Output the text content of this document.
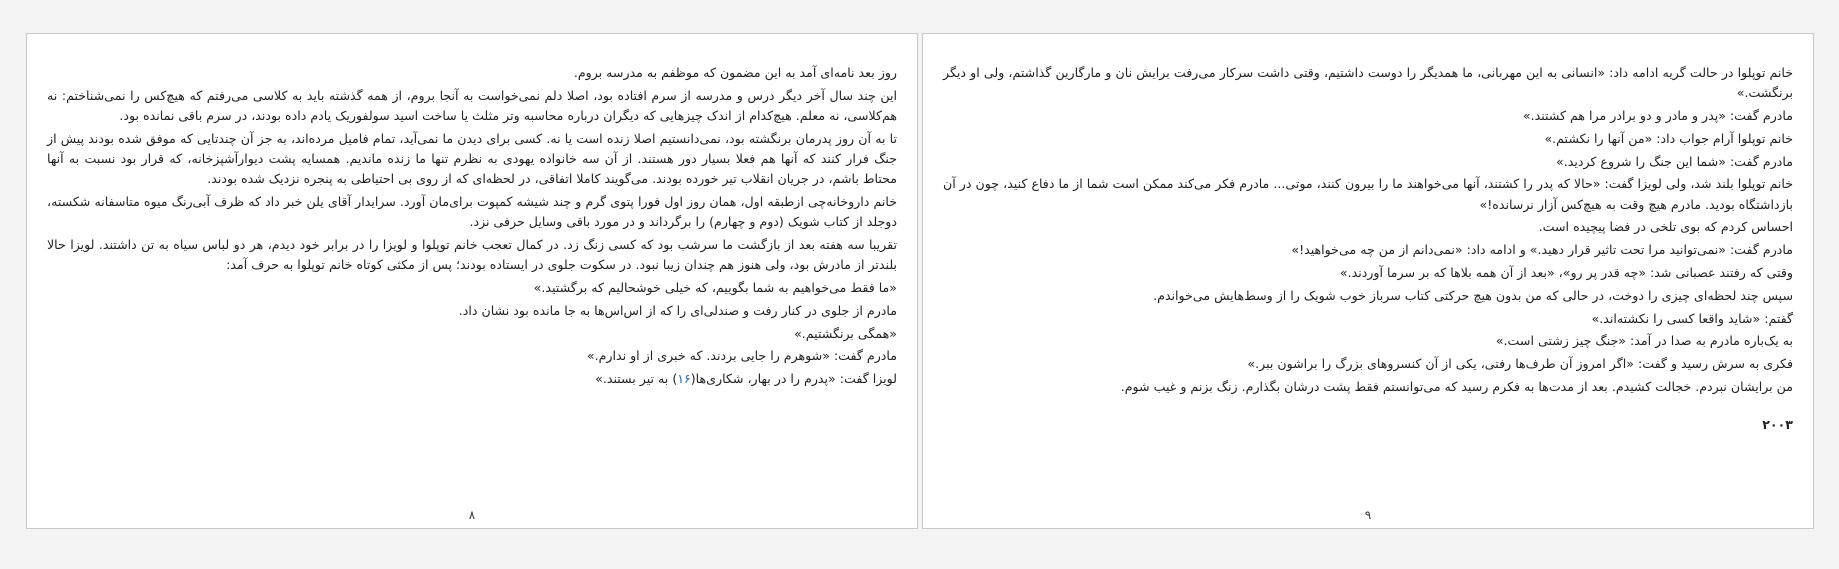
روز بعد نامه‌ای آمد به این مضمون که موظفم به مدرسه بروم.

این چند سال آخر دیگر درس و مدرسه از سرم افتاده بود، اصلا دلم نمی‌خواست به آنجا بروم، از همه گذشته باید به کلاسی می‌رفتم که هیچ‌کس را نمی‌شناختم: نه هم‌کلاسی، نه معلم. هیچ‌کدام از اندک چیزهایی که دیگران درباره محاسبه وتر مثلث یا ساخت اسید سولفوریک یادم داده بودند، در سرم باقی نمانده بود.

تا به آن روز پدرمان برنگشته بود، نمی‌دانستیم اصلا زنده است یا نه. کسی برای دیدن ما نمی‌آید، تمام فامیل مرده‌اند، به جز آن چندتایی که موفق شده بودند پیش از جنگ فرار کنند که آنها هم فعلا بسیار دور هستند. از آن سه خانواده یهودی به نظرم تنها ما زنده ماندیم. همسایه پشت دیوارآشپزخانه، که قرار بود نسبت به آنها محتاط باشم، در جریان انقلاب تیر خورده بودند. می‌گویند کاملا اتفاقی، در لحظه‌ای که از روی بی احتیاطی به پنجره نزدیک شده بودند.

خانم داروخانه‌چی ازطبقه اول، همان روز اول فورا پتوی گرم و چند شیشه کمپوت برای‌مان آورد. سرایدار آقای یلن خبر داد که ظرف آبی‌رنگ میوه متاسفانه شکسته، دوجلد از کتاب شویک (دوم و چهارم) را برگرداند و در مورد باقی وسایل حرفی نزد.

تقریبا سه هفته بعد از بازگشت ما سرشب بود که کسی زنگ زد. در کمال تعجب خانم توپلوا و لویزا را در برابر خود دیدم، هر دو لباس سیاه به تن داشتند. لویزا حالا بلندتر از مادرش بود، ولی هنوز هم چندان زیبا نبود. در سکوت جلوی در ایستاده بودند؛ پس از مکثی کوتاه خانم توپلوا به حرف آمد:

«ما فقط می‌خواهیم به شما بگوییم، که خیلی خوشحالیم که برگشتید.»

مادرم از جلوی در کنار رفت و صندلی‌ای را که از اس‌اس‌ها به جا مانده بود نشان داد.

«همگی برنگشتیم.»

مادرم گفت: «شوهرم را جایی بردند. که خبری از او ندارم.»

لویزا گفت: «پدرم را در بهار، شکاری‌ها(۱۶) به تیر بستند.»

٨

خانم توپلوا در حالت گریه ادامه داد: «انسانی به این مهربانی، ما همدیگر را دوست داشتیم، وقتی داشت سرکار می‌رفت برایش نان و مارگارین گذاشتم، ولی او دیگر برنگشت.»

مادرم گفت: «پدر و مادر و دو برادر مرا هم کشتند.»

خانم توپلوا آرام جواب داد: «من آنها را نکشتم.»

مادرم گفت: «شما این جنگ را شروع کردید.»

خانم توپلوا بلند شد، ولی لویزا گفت: «حالا که پدر را کشتند، آنها می‌خواهند ما را بیرون کنند، موتی... مادرم فکر می‌کند ممکن است شما از ما دفاع کنید، چون در آن بازداشتگاه بودید. مادرم هیچ وقت به هیچ‌کس آزار نرسانده!»

احساس کردم که بوی تلخی در فضا پیچیده است.

مادرم گفت: «نمی‌توانید مرا تحت تاثیر قرار دهید.» و ادامه داد: «نمی‌دانم از من چه می‌خواهید!»

وقتی که رفتند عصبانی شد: «چه قدر پر رو»، «بعد از آن همه بلاها که بر سرما آوردند.»

سپس چند لحظه‌ای چیزی را دوخت، در حالی که من بدون هیچ حرکتی کتاب سرباز خوب شویک را از وسط‌هایش می‌خواندم.

گفتم: «شاید واقعا کسی را نکشته‌اند.»

به یک‌باره مادرم به صدا در آمد: «جنگ چیز زشتی است.»

فکری به سرش رسید و گفت: «اگر امروز آن طرف‌ها رفتی، یکی از آن کنسروهای بزرگ را براشون ببر.»

من برایشان نبردم. خجالت کشیدم. بعد از مدت‌ها به فکرم رسید که می‌توانستم فقط پشت درشان بگذارم. زنگ بزنم و غیب شوم.

۲۰۰۳
٩
